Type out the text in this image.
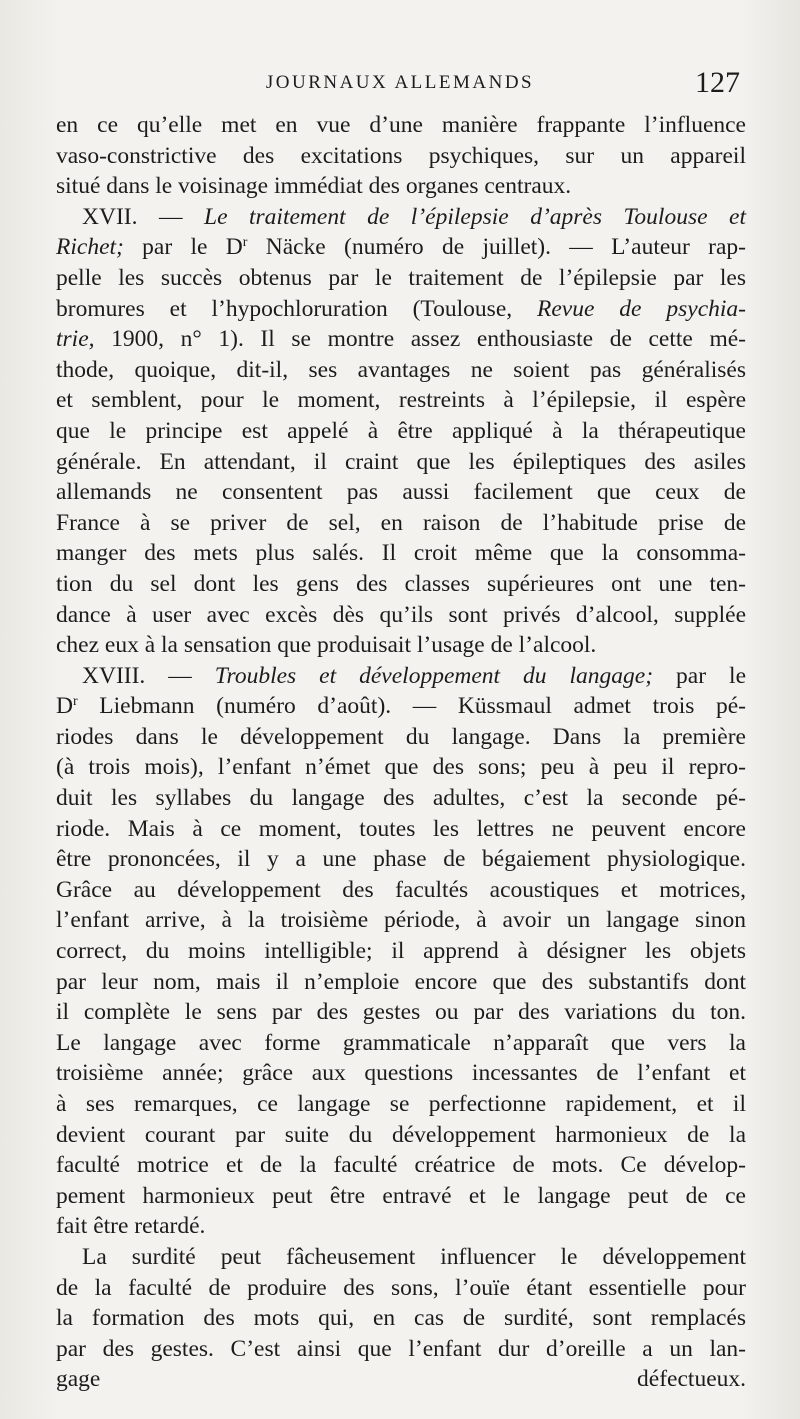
JOURNAUX ALLEMANDS	127
en ce qu’elle met en vue d’une manière frappante l’influence
vaso-constrictive des excitations psychiques, sur un appareil
situé dans le voisinage immédiat des organes centraux.
XVII. — Le traitement de l’épilepsie d’après Toulouse et
Richet; par le $D^r$ Näcke (numéro de juillet). — L’auteur rap-
pelle les succès obtenus par le traitement de l’épilepsie par les
bromures et l’hypochloruration (Toulouse, Revue de psychia-
trie, 1900, n° 1). Il se montre assez enthousiaste de cette mé-
thode, quoique, dit-il, ses avantages ne soient pas généralisés
et semblent, pour le moment, restreints à l’épilepsie, il espère
que le principe est appelé à être appliqué à la thérapeutique
générale. En attendant, il craint que les épileptiques des asiles
allemands ne consentent pas aussi facilement que ceux de
France à se priver de sel, en raison de l’habitude prise de
manger des mets plus salés. Il croit même que la consomma-
tion du sel dont les gens des classes supérieures ont une ten-
dance à user avec excès dès qu’ils sont privés d’alcool, supplée
chez eux à la sensation que produisait l’usage de l’alcool.
XVIII. — Troubles et développement du langage; par le
$D^r$ Liebmann (numéro d’août). — Küssmaul admet trois pé-
riodes dans le développement du langage. Dans la première
(à trois mois), l’enfant n’émet que des sons; peu à peu il repro-
duit les syllabes du langage des adultes, c’est la seconde pé-
riode. Mais à ce moment, toutes les lettres ne peuvent encore
être prononcées, il y a une phase de bégaiement physiologique.
Grâce au développement des facultés acoustiques et motrices,
l’enfant arrive, à la troisième période, à avoir un langage sinon
correct, du moins intelligible; il apprend à désigner les objets
par leur nom, mais il n’emploie encore que des substantifs dont
il complète le sens par des gestes ou par des variations du ton.
Le langage avec forme grammaticale n’apparaît que vers la
troisième année; grâce aux questions incessantes de l’enfant et
à ses remarques, ce langage se perfectionne rapidement, et il
devient courant par suite du développement harmonieux de la
faculté motrice et de la faculté créatrice de mots. Ce dévelop-
pement harmonieux peut être entravé et le langage peut de ce
fait être retardé.
La surdité peut fâcheusement influencer le développement
de la faculté de produire des sons, l’ouïe étant essentielle pour
la formation des mots qui, en cas de surdité, sont remplacés
par des gestes. C’est ainsi que l’enfant dur d’oreille a un lan-
gage défectueux.
